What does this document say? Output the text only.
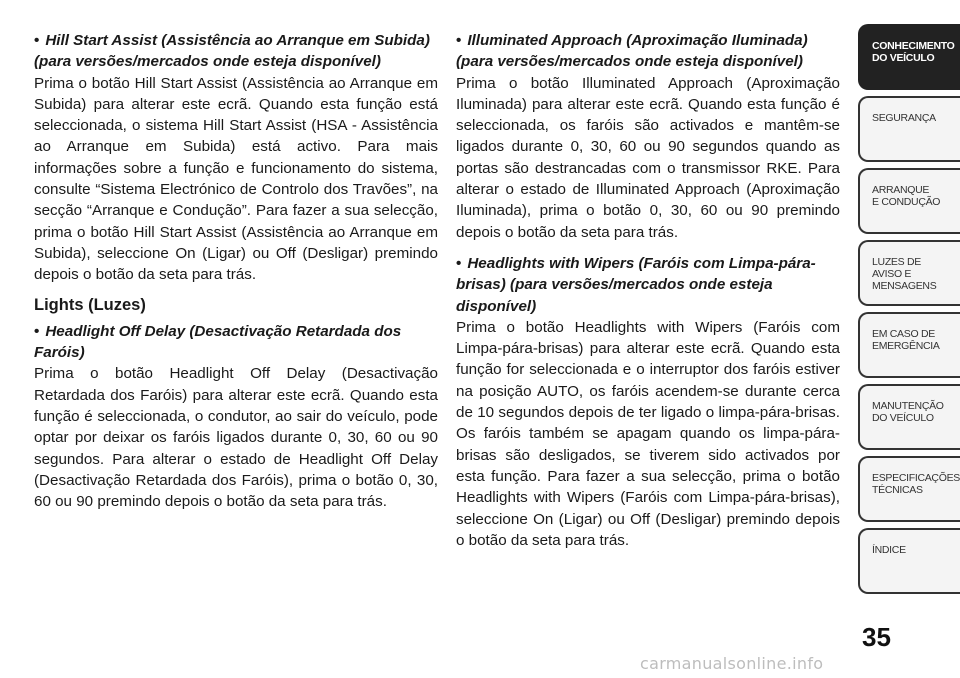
• Hill Start Assist (Assistência ao Arranque em Subida) (para versões/mercados onde esteja disponível)

Prima o botão Hill Start Assist (Assistência ao Arranque em Subida) para alterar este ecrã. Quando esta função está seleccionada, o sistema Hill Start Assist (HSA - Assistência ao Arranque em Subida) está activo. Para mais informações sobre a função e funcionamento do sistema, consulte “Sistema Electrónico de Controlo dos Travões”, na secção “Arranque e Condução”. Para fazer a sua selecção, prima o botão Hill Start Assist (Assistência ao Arranque em Subida), seleccione On (Ligar) ou Off (Desligar) premindo depois o botão da seta para trás.

Lights (Luzes)

• Headlight Off Delay (Desactivação Retardada dos Faróis)

Prima o botão Headlight Off Delay (Desactivação Retardada dos Faróis) para alterar este ecrã. Quando esta função é seleccionada, o condutor, ao sair do veículo, pode optar por deixar os faróis ligados durante 0, 30, 60 ou 90 segundos. Para alterar o estado de Headlight Off Delay (Desactivação Retardada dos Faróis), prima o botão 0, 30, 60 ou 90 premindo depois o botão da seta para trás.

• Illuminated Approach (Aproximação Iluminada) (para versões/mercados onde esteja disponível)

Prima o botão Illuminated Approach (Aproximação Iluminada) para alterar este ecrã. Quando esta função é seleccionada, os faróis são activados e mantêm-se ligados durante 0, 30, 60 ou 90 segundos quando as portas são destrancadas com o transmissor RKE. Para alterar o estado de Illuminated Approach (Aproximação Iluminada), prima o botão 0, 30, 60 ou 90 premindo depois o botão da seta para trás.

• Headlights with Wipers (Faróis com Limpa-pára-brisas) (para versões/mercados onde esteja disponível)

Prima o botão Headlights with Wipers (Faróis com Limpa-pára-brisas) para alterar este ecrã. Quando esta função for seleccionada e o interruptor dos faróis estiver na posição AUTO, os faróis acendem-se durante cerca de 10 segundos depois de ter ligado o limpa-pára-brisas. Os faróis também se apagam quando os limpa-pára-brisas são desligados, se tiverem sido activados por esta função. Para fazer a sua selecção, prima o botão Headlights with Wipers (Faróis com Limpa-pára-brisas), seleccione On (Ligar) ou Off (Desligar) premindo depois o botão da seta para trás.

CONHECIMENTO
DO VEÍCULO
SEGURANÇA
ARRANQUE
E CONDUÇÃO
LUZES DE
AVISO E
MENSAGENS
EM CASO DE
EMERGÊNCIA
MANUTENÇÃO
DO VEÍCULO
ESPECIFICAÇÕES
TÉCNICAS
ÍNDICE
35
carmanualsonline.info
